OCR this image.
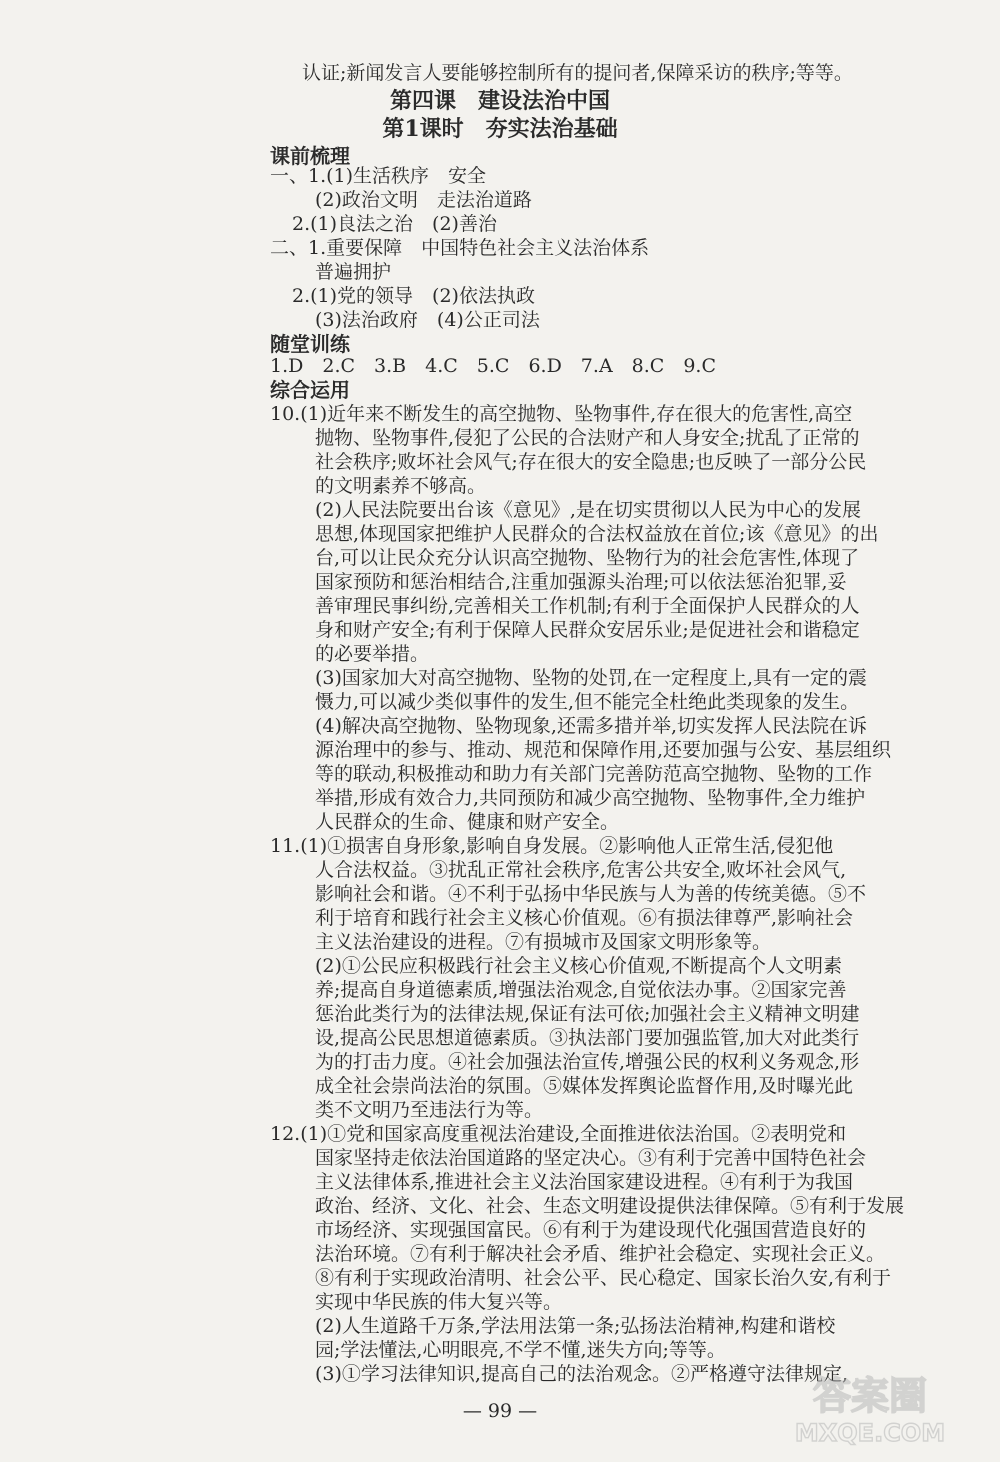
认证;新闻发言人要能够控制所有的提问者,保障采访的秩序;等等。

第四课　建设法治中国

第1课时　夯实法治基础

课前梳理

一、1.(1)生活秩序　安全

(2)政治文明　走法治道路

2.(1)良法之治　(2)善治

二、1.重要保障　中国特色社会主义法治体系

普遍拥护

2.(1)党的领导　(2)依法执政

(3)法治政府　(4)公正司法

随堂训练

1.D　2.C　3.B　4.C　5.C　6.D　7.A　8.C　9.C

综合运用

10.(1)近年来不断发生的高空抛物、坠物事件,存在很大的危害性,高空

抛物、坠物事件,侵犯了公民的合法财产和人身安全;扰乱了正常的

社会秩序;败坏社会风气;存在很大的安全隐患;也反映了一部分公民

的文明素养不够高。

(2)人民法院要出台该《意见》,是在切实贯彻以人民为中心的发展

思想,体现国家把维护人民群众的合法权益放在首位;该《意见》的出

台,可以让民众充分认识高空抛物、坠物行为的社会危害性,体现了

国家预防和惩治相结合,注重加强源头治理;可以依法惩治犯罪,妥

善审理民事纠纷,完善相关工作机制;有利于全面保护人民群众的人

身和财产安全;有利于保障人民群众安居乐业;是促进社会和谐稳定

的必要举措。

(3)国家加大对高空抛物、坠物的处罚,在一定程度上,具有一定的震

慑力,可以减少类似事件的发生,但不能完全杜绝此类现象的发生。

(4)解决高空抛物、坠物现象,还需多措并举,切实发挥人民法院在诉

源治理中的参与、推动、规范和保障作用,还要加强与公安、基层组织

等的联动,积极推动和助力有关部门完善防范高空抛物、坠物的工作

举措,形成有效合力,共同预防和减少高空抛物、坠物事件,全力维护

人民群众的生命、健康和财产安全。

11.(1)①损害自身形象,影响自身发展。②影响他人正常生活,侵犯他

人合法权益。③扰乱正常社会秩序,危害公共安全,败坏社会风气,

影响社会和谐。④不利于弘扬中华民族与人为善的传统美德。⑤不

利于培育和践行社会主义核心价值观。⑥有损法律尊严,影响社会

主义法治建设的进程。⑦有损城市及国家文明形象等。

(2)①公民应积极践行社会主义核心价值观,不断提高个人文明素

养;提高自身道德素质,增强法治观念,自觉依法办事。②国家完善

惩治此类行为的法律法规,保证有法可依;加强社会主义精神文明建

设,提高公民思想道德素质。③执法部门要加强监管,加大对此类行

为的打击力度。④社会加强法治宣传,增强公民的权利义务观念,形

成全社会崇尚法治的氛围。⑤媒体发挥舆论监督作用,及时曝光此

类不文明乃至违法行为等。

12.(1)①党和国家高度重视法治建设,全面推进依法治国。②表明党和

国家坚持走依法治国道路的坚定决心。③有利于完善中国特色社会

主义法律体系,推进社会主义法治国家建设进程。④有利于为我国

政治、经济、文化、社会、生态文明建设提供法律保障。⑤有利于发展

市场经济、实现强国富民。⑥有利于为建设现代化强国营造良好的

法治环境。⑦有利于解决社会矛盾、维护社会稳定、实现社会正义。

⑧有利于实现政治清明、社会公平、民心稳定、国家长治久安,有利于

实现中华民族的伟大复兴等。

(2)人生道路千万条,学法用法第一条;弘扬法治精神,构建和谐校

园;学法懂法,心明眼亮,不学不懂,迷失方向;等等。

(3)①学习法律知识,提高自己的法治观念。②严格遵守法律规定,

— 99 —	答案圈
MXQE.COM
